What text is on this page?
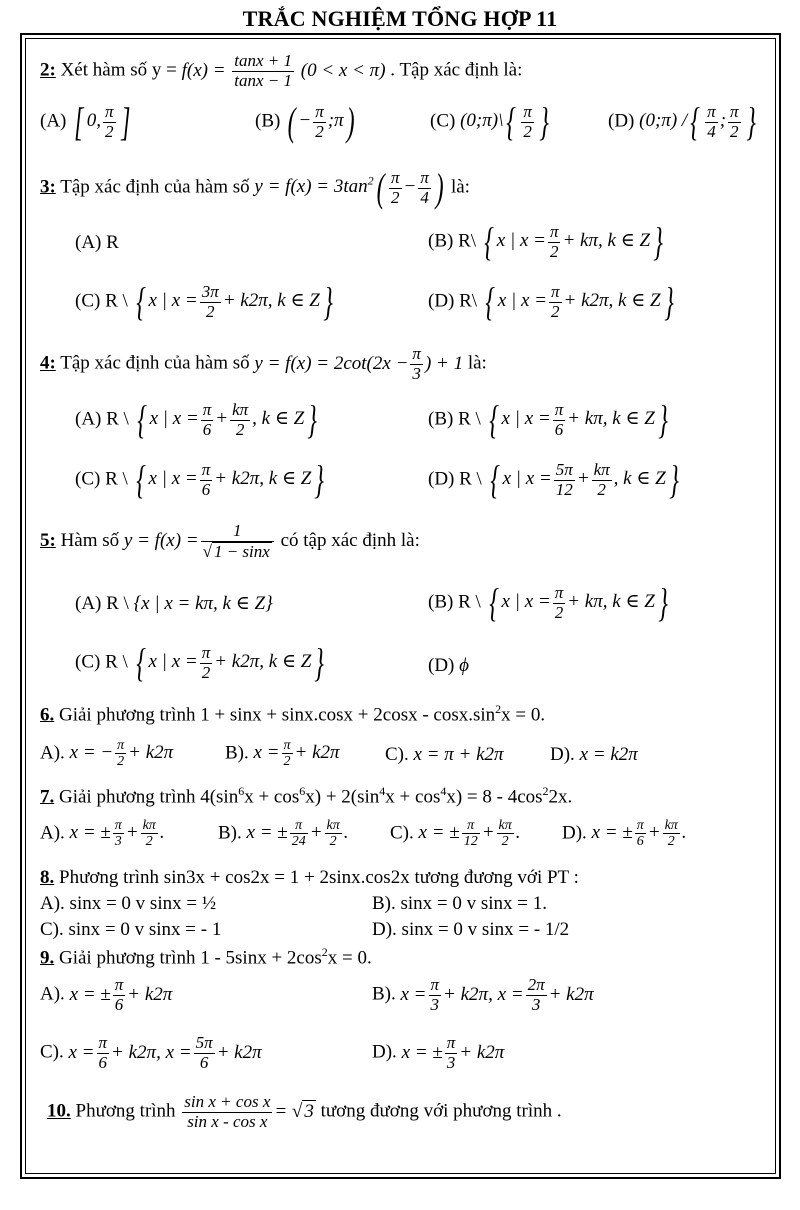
TRẮC NGHIỆM TỔNG HỢP 11
2: Xét hàm số $y = f(x) = \frac{\tan x + 1}{\tan x - 1} (0 < x < \pi)$ . Tập xác định là:
(A) [ 0, $\frac{\pi}{2}$ ]	(B) ( − $\frac{\pi}{2}$ ;π)	(C) (0;π)\{ $\frac{\pi}{2}$ }	(D) (0;π) /{ $\frac{\pi}{4}$ ; $\frac{\pi}{2}$ }
3: Tập xác định của hàm số $y = f(x) = 3\tan^2( \frac{\pi}{2} - \frac{\pi}{4}$ ) là:
(A) R	(B) R\ { x | $x = \frac{\pi}{2} + k\pi$, k ∈ Z}
(C) R \ { x | $x = \frac{3\pi}{2} + k2\pi$, k ∈ Z}	(D) R\ { x | $x = \frac{\pi}{2} + k2\pi$, k ∈ Z}
4: Tập xác định của hàm số $y = f(x) = 2\cot(2x - \frac{\pi}{3}$ ) + 1 là:
(A) R \ { x | $x = \frac{\pi}{6} + \frac{k\pi}{2}$ , k ∈ Z}	(B) R \ { x | $x = \frac{\pi}{6} + k\pi$, k ∈ Z}
(C) R \ { x | $x = \frac{\pi}{6} + k2\pi$, k ∈ Z}	(D) R \ { x | $x = \frac{5\pi}{12} + \frac{k\pi}{2}$ , k ∈ Z}
5: Hàm số $y = f(x) = \frac{1}{√ 1 - \sin x}$ có tập xác định là:
(A) R \ {x | x = kπ, k ∈ Z}	(B) R \ { x | $x = \frac{\pi}{2} + k\pi$, k ∈ Z}
(C) R \ { x | $x = \frac{\pi}{2} + k2\pi$, k ∈ Z}	(D) ϕ
6. Giải phương trình $1 + \sin x + \sin x.\cos x + 2\cos x - \cos x.\sin^2x = 0$.
A). x = − $\frac{\pi}{2} + k2\pi$	B). $x = \frac{\pi}{2} + k2\pi$ C). x = π + k2π D). x = k2π
7. Giải phương trình $4(\sin^6x + \cos^6x) + 2(\sin^4x + \cos^4x) = 8 - 4\cos^22x$.
A). x = ± $\frac{\pi}{3} + \frac{k\pi}{2}$ .	B). x = ± $\frac{\pi}{24} + \frac{k\pi}{2}$ . C). x = ± $\frac{\pi}{12} + \frac{k\pi}{2}$ . D). x = ± $\frac{\pi}{6} + \frac{k\pi}{2}$ .
8. Phương trình sin3x + cos2x = 1 + 2sinx.cos2x tương đương với PT :
A). sinx = 0 v sinx = ½	B). sinx = 0 v sinx = 1.
C). sinx = 0 v sinx = - 1	D). sinx = 0 v sinx = - 1/2
9. Giải phương trình $1 - 5\sin x + 2\cos^2x = 0$.
A). x = ± $\frac{\pi}{6} + k2\pi$	B). $x = \frac{\pi}{3} + k2\pi$, $x = \frac{2\pi}{3} + k2\pi$
C). $x = \frac{\pi}{6} + k2\pi$, $x = \frac{5\pi}{6} + k2\pi$	D). x = ± $\frac{\pi}{3} + k2\pi$
10. Phương trình $\frac{\text{sin x + cos x}}{\text{sin x - cos x}}$ = √ 3 tương đương với phương trình .
